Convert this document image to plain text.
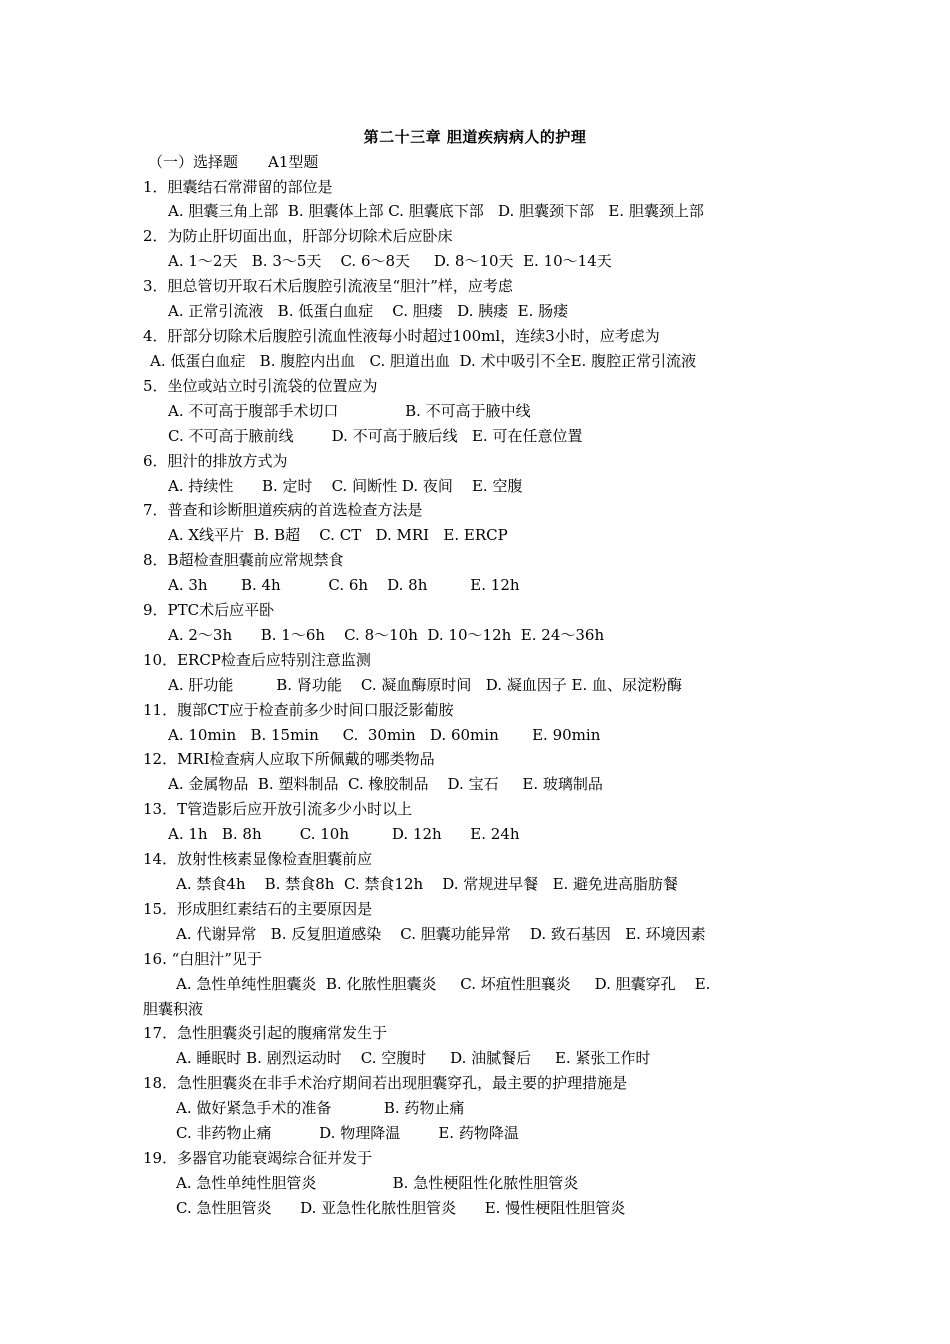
第二十三章 胆道疾病病人的护理
（一）选择题　　A1型题
1．胆囊结石常滞留的部位是
A. 胆囊三角上部  B. 胆囊体上部 C. 胆囊底下部   D. 胆囊颈下部   E. 胆囊颈上部
2．为防止肝切面出血，肝部分切除术后应卧床
A. 1～2天   B. 3～5天    C. 6～8天     D. 8～10天  E. 10～14天
3．胆总管切开取石术后腹腔引流液呈“胆汁”样，应考虑
A. 正常引流液   B. 低蛋白血症    C. 胆瘘   D. 胰瘘  E. 肠瘘
4．肝部分切除术后腹腔引流血性液每小时超过100ml，连续3小时，应考虑为
A. 低蛋白血症   B. 腹腔内出血   C. 胆道出血  D. 术中吸引不全E. 腹腔正常引流液
5．坐位或站立时引流袋的位置应为
A. 不可高于腹部手术切口              B. 不可高于腋中线
C. 不可高于腋前线        D. 不可高于腋后线   E. 可在任意位置
6．胆汁的排放方式为
A. 持续性      B. 定时    C. 间断性 D. 夜间    E. 空腹
7．普查和诊断胆道疾病的首选检查方法是
A. X线平片  B. B超    C. CT   D. MRI   E. ERCP
8．B超检查胆囊前应常规禁食
A. 3h       B. 4h          C. 6h    D. 8h         E. 12h
9．PTC术后应平卧
A. 2～3h      B. 1～6h    C. 8～10h  D. 10～12h  E. 24～36h
10．ERCP检查后应特别注意监测
A. 肝功能         B. 肾功能    C. 凝血酶原时间   D. 凝血因子 E. 血、尿淀粉酶
11．腹部CT应于检查前多少时间口服泛影葡胺
A. 10min   B. 15min     C.  30min   D. 60min       E. 90min
12．MRI检查病人应取下所佩戴的哪类物品
A. 金属物品  B. 塑料制品  C. 橡胶制品    D. 宝石     E. 玻璃制品
13．T管造影后应开放引流多少小时以上
A. 1h   B. 8h        C. 10h         D. 12h      E. 24h
14．放射性核素显像检查胆囊前应
A. 禁食4h    B. 禁食8h  C. 禁食12h    D. 常规进早餐   E. 避免进高脂肪餐
15．形成胆红素结石的主要原因是
A. 代谢异常   B. 反复胆道感染    C. 胆囊功能异常    D. 致石基因   E. 环境因素
16. “白胆汁”见于
A. 急性单纯性胆囊炎  B. 化脓性胆囊炎     C. 坏疽性胆襄炎     D. 胆囊穿孔    E.
胆囊积液
17．急性胆囊炎引起的腹痛常发生于
A. 睡眠时 B. 剧烈运动时    C. 空腹时     D. 油腻餐后     E. 紧张工作时
18．急性胆囊炎在非手术治疗期间若出现胆囊穿孔，最主要的护理措施是
A. 做好紧急手术的准备           B. 药物止痛
C. 非药物止痛          D. 物理降温        E. 药物降温
19．多器官功能衰竭综合征并发于
A. 急性单纯性胆管炎                B. 急性梗阻性化脓性胆管炎
C. 急性胆管炎      D. 亚急性化脓性胆管炎      E. 慢性梗阻性胆管炎
